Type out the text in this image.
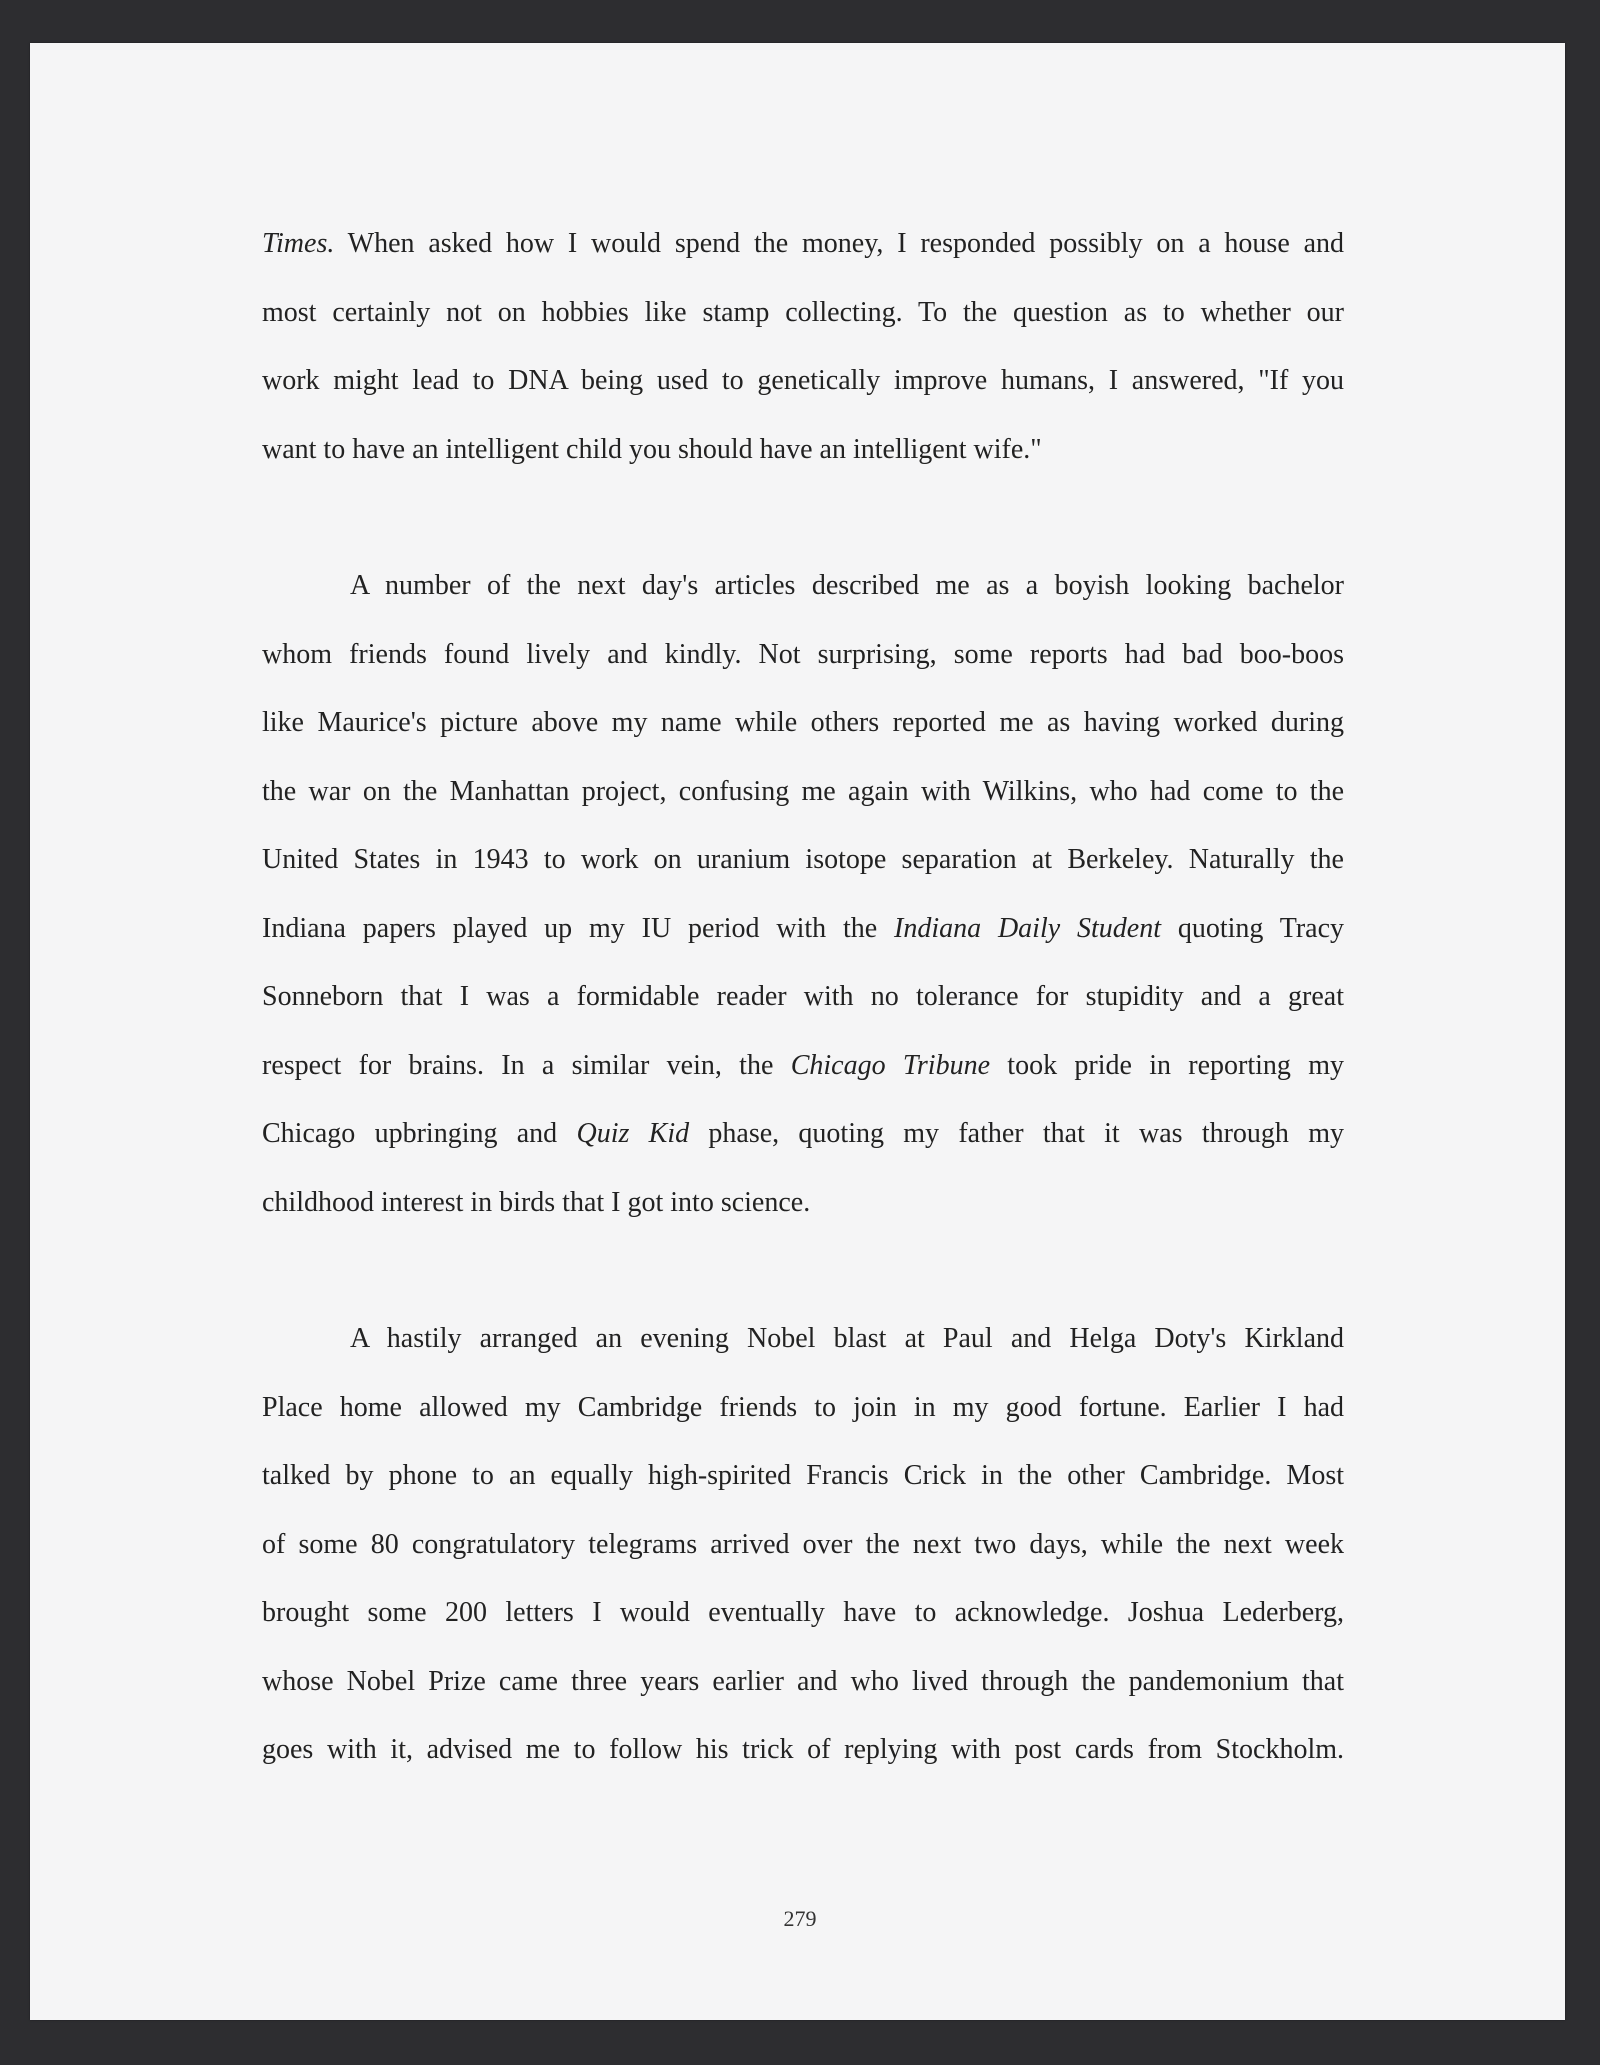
Times. When asked how I would spend the money, I responded possibly on a house and
most certainly not on hobbies like stamp collecting. To the question as to whether our
work might lead to DNA being used to genetically improve humans, I answered, "If you
want to have an intelligent child you should have an intelligent wife."
A number of the next day's articles described me as a boyish looking bachelor
whom friends found lively and kindly. Not surprising, some reports had bad boo-boos
like Maurice's picture above my name while others reported me as having worked during
the war on the Manhattan project, confusing me again with Wilkins, who had come to the
United States in 1943 to work on uranium isotope separation at Berkeley. Naturally the
Indiana papers played up my IU period with the Indiana Daily Student quoting Tracy
Sonneborn that I was a formidable reader with no tolerance for stupidity and a great
respect for brains. In a similar vein, the Chicago Tribune took pride in reporting my
Chicago upbringing and Quiz Kid phase, quoting my father that it was through my
childhood interest in birds that I got into science.
A hastily arranged an evening Nobel blast at Paul and Helga Doty's Kirkland
Place home allowed my Cambridge friends to join in my good fortune. Earlier I had
talked by phone to an equally high-spirited Francis Crick in the other Cambridge. Most
of some 80 congratulatory telegrams arrived over the next two days, while the next week
brought some 200 letters I would eventually have to acknowledge. Joshua Lederberg,
whose Nobel Prize came three years earlier and who lived through the pandemonium that
goes with it, advised me to follow his trick of replying with post cards from Stockholm.
279
